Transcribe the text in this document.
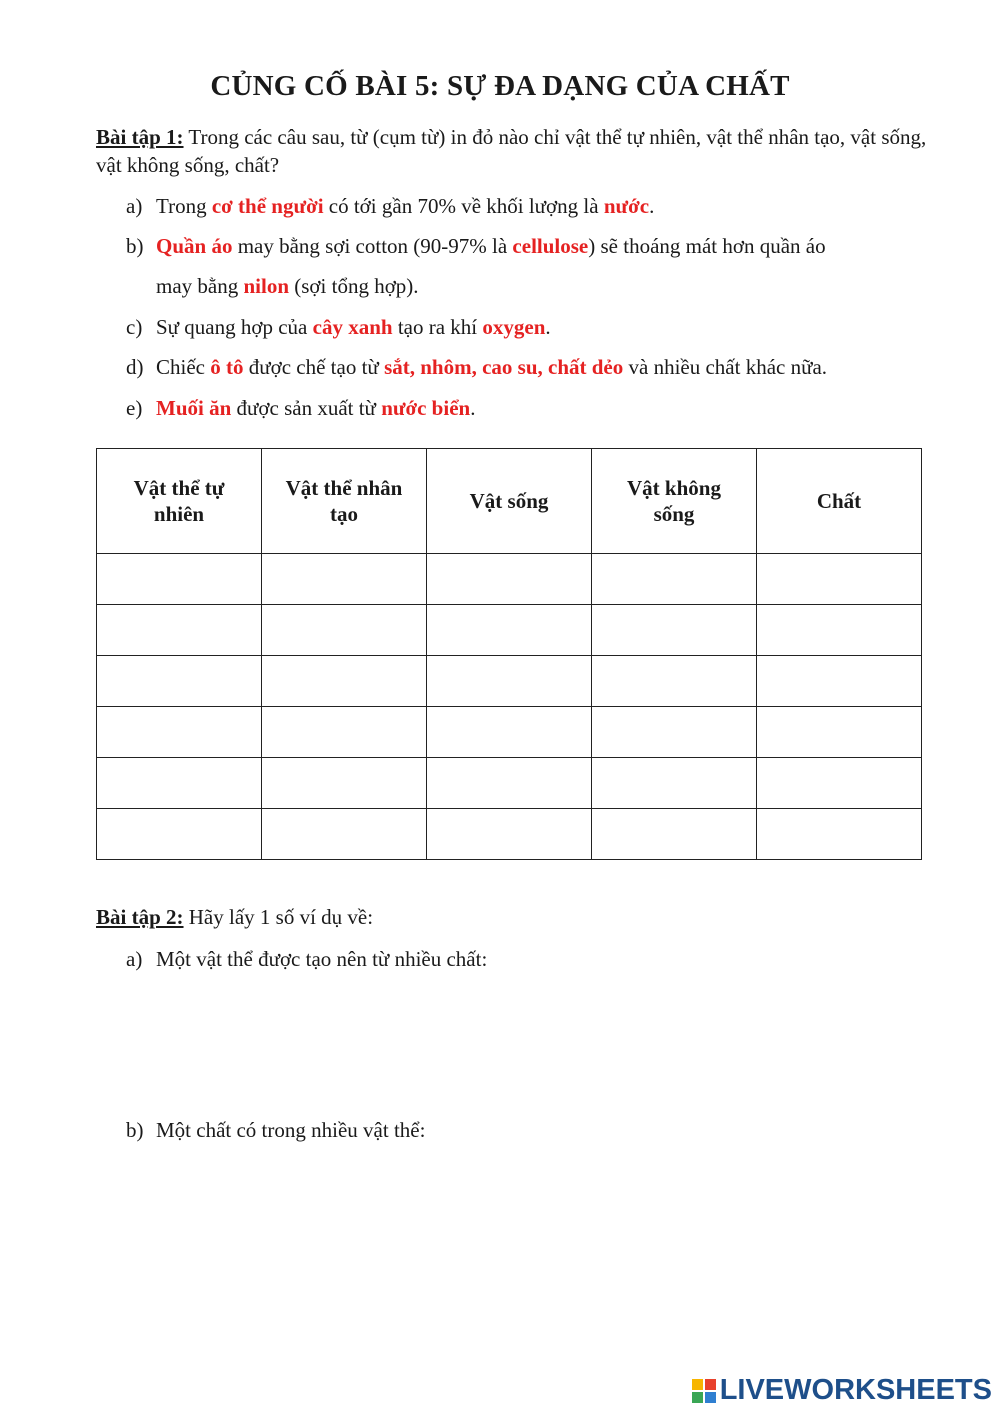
CỦNG CỐ BÀI 5: SỰ ĐA DẠNG CỦA CHẤT
Bài tập 1: Trong các câu sau, từ (cụm từ) in đỏ nào chỉ vật thể tự nhiên, vật thể nhân tạo, vật sống, vật không sống, chất?
a) Trong cơ thể người có tới gần 70% về khối lượng là nước.
b) Quần áo may bằng sợi cotton (90-97% là cellulose) sẽ thoáng mát hơn quần áo
may bằng nilon (sợi tổng hợp).
c) Sự quang hợp của cây xanh tạo ra khí oxygen.
d) Chiếc ô tô được chế tạo từ sắt, nhôm, cao su, chất dẻo và nhiều chất khác nữa.
e) Muối ăn được sản xuất từ nước biển.
Vật thể tự nhiên	Vật thể nhân tạo	Vật sống	Vật không sống	Chất

Bài tập 2: Hãy lấy 1 số ví dụ về:
a) Một vật thể được tạo nên từ nhiều chất:
b) Một chất có trong nhiều vật thể:
LIVEWORKSHEETS
